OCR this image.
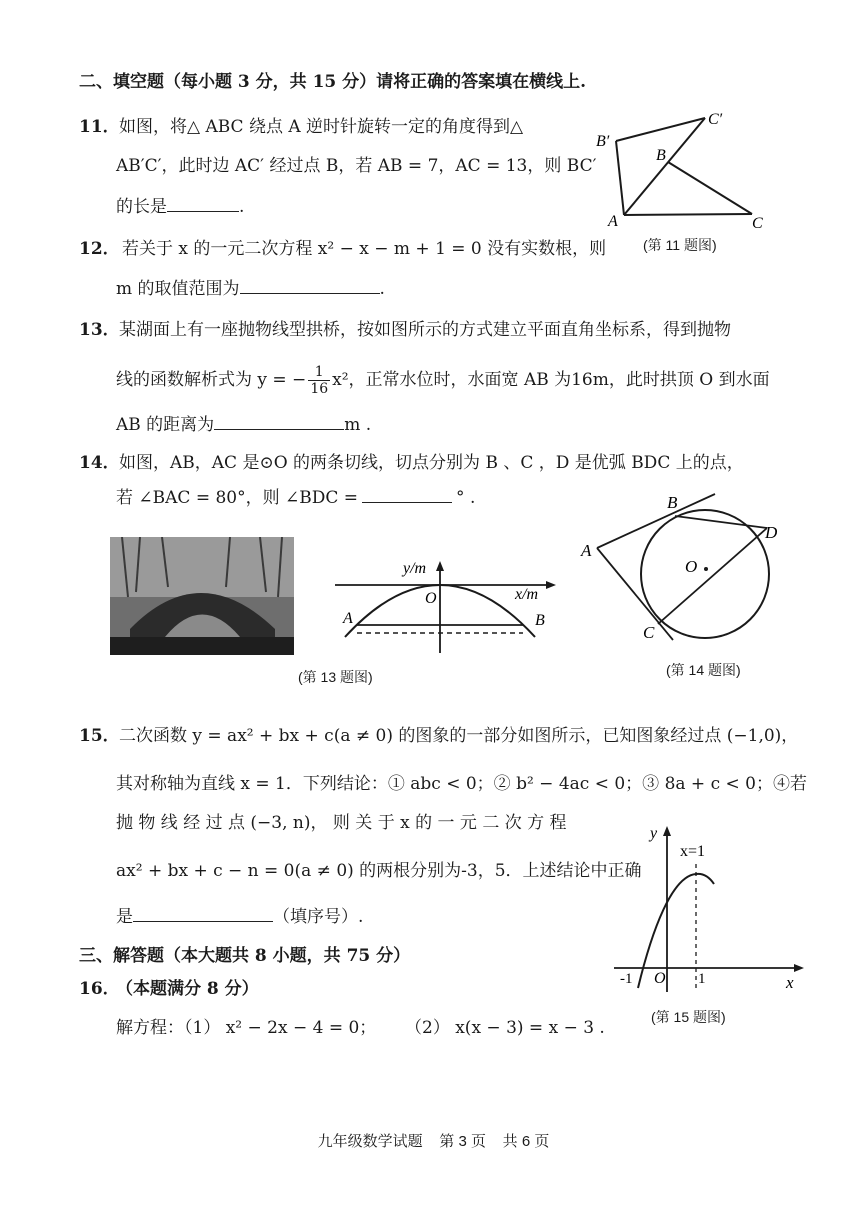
二、填空题（每小题 3 分，共 15 分）请将正确的答案填在横线上.
11． 如图，将△ ABC 绕点 A 逆时针旋转一定的角度得到△
AB′C′，此时边 AC′ 经过点 B，若 AB = 7，AC = 13，则 BC′
的长是	.
A
B
C
B′
C′
(第 11 题图)
12． 若关于 x 的一元二次方程 x² − x − m + 1 = 0 没有实数根，则
m 的取值范围为	.
13． 某湖面上有一座抛物线型拱桥，按如图所示的方式建立平面直角坐标系，得到抛物
线的函数解析式为 y = − $\frac{1}{16} x^2$，正常水位时，水面宽 AB 为16m，此时拱顶 O 到水面
AB 的距离为	m .
14． 如图，AB，AC 是⊙O 的两条切线，切点分别为 B 、C ，D 是优弧 BDC 上的点，
若 ∠BAC = 80°，则 ∠BDC =	° .
y/m
x/m
O
A	B
(第 13 题图)
A
B
C
D
O
(第 14 题图)
15． 二次函数 y = ax² + bx + c(a ≠ 0) 的图象的一部分如图所示，已知图象经过点 (−1,0)，
其对称轴为直线 x = 1．下列结论：① abc < 0；② b² − 4ac < 0；③ 8a + c < 0；④若
抛 物 线 经 过 点 (−3, n)， 则 关 于 x 的 一 元 二 次 方 程
ax² + bx + c − n = 0(a ≠ 0) 的两根分别为-3，5．上述结论中正确
是	（填序号）.
y
x=1
x
-1 O 1
(第 15 题图)
三、解答题（本大题共 8 小题，共 75 分）
16．
（本题满分 8 分）
解方程：（1） x² − 2x − 4 = 0； （2） x(x − 3) = x − 3 .
九年级数学试题    第 3 页    共 6 页
